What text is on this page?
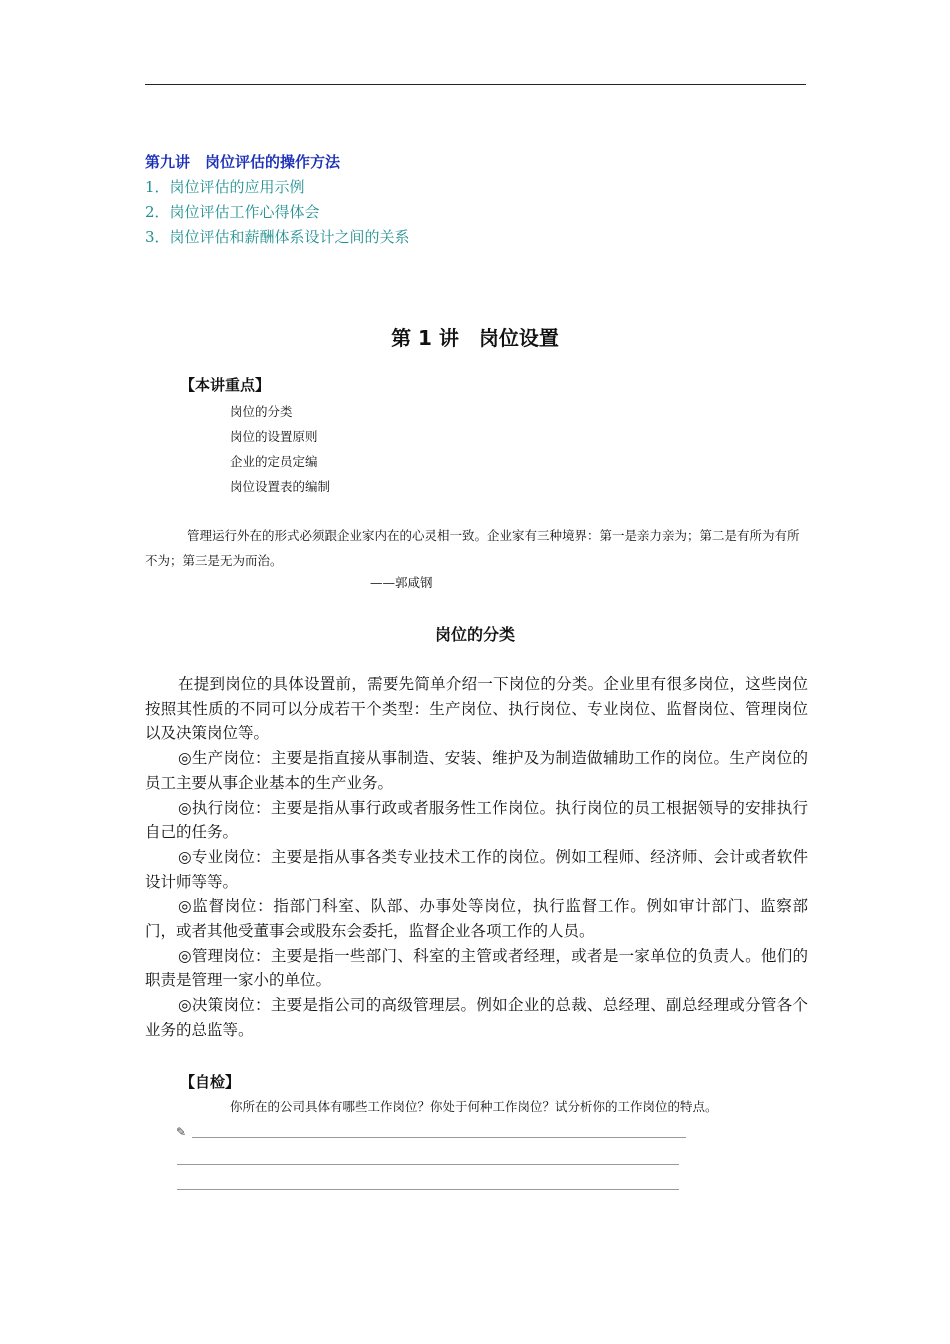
第九讲　岗位评估的操作方法
1．岗位评估的应用示例
2．岗位评估工作心得体会
3．岗位评估和薪酬体系设计之间的关系
第 1 讲　岗位设置
【本讲重点】
岗位的分类
岗位的设置原则
企业的定员定编
岗位设置表的编制

管理运行外在的形式必须跟企业家内在的心灵相一致。企业家有三种境界：第一是亲力亲为；第二是有所为有所不为；第三是无为而治。

——郭咸钢
岗位的分类

在提到岗位的具体设置前，需要先简单介绍一下岗位的分类。企业里有很多岗位，这些岗位按照其性质的不同可以分成若干个类型：生产岗位、执行岗位、专业岗位、监督岗位、管理岗位以及决策岗位等。

◎生产岗位：主要是指直接从事制造、安装、维护及为制造做辅助工作的岗位。生产岗位的员工主要从事企业基本的生产业务。

◎执行岗位：主要是指从事行政或者服务性工作岗位。执行岗位的员工根据领导的安排执行自己的任务。

◎专业岗位：主要是指从事各类专业技术工作的岗位。例如工程师、经济师、会计或者软件设计师等等。

◎监督岗位：指部门科室、队部、办事处等岗位，执行监督工作。例如审计部门、监察部门，或者其他受董事会或股东会委托，监督企业各项工作的人员。

◎管理岗位：主要是指一些部门、科室的主管或者经理，或者是一家单位的负责人。他们的职责是管理一家小的单位。

◎决策岗位：主要是指公司的高级管理层。例如企业的总裁、总经理、副总经理或分管各个业务的总监等。

【自检】
你所在的公司具体有哪些工作岗位？你处于何种工作岗位？试分析你的工作岗位的特点。
✎
